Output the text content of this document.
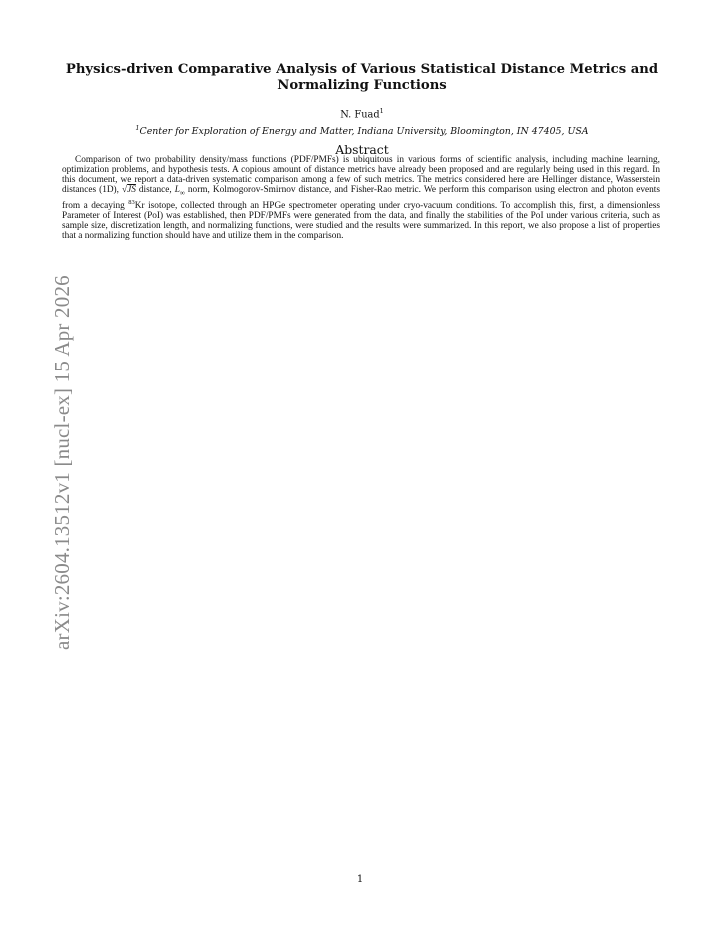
arXiv:2604.13512v1 [nucl-ex] 15 Apr 2026
Physics-driven Comparative Analysis of Various Statistical Distance Metrics and Normalizing Functions
N. Fuad$^1$
$^1$Center for Exploration of Energy and Matter, Indiana University, Bloomington, IN 47405, USA
Abstract
Comparison of two probability density/mass functions (PDF/PMFs) is ubiquitous in various forms of scientific analysis, including machine learning, optimization problems, and hypothesis tests. A copious amount of distance metrics have already been proposed and are regularly being used in this regard. In this document, we report a data-driven systematic comparison among a few of such metrics. The metrics considered here are Hellinger distance, Wasserstein distances (1D), √JS distance, $L_\infty$ norm, Kolmogorov-Smirnov distance, and Fisher-Rao metric. We perform this comparison using electron and photon events from a decaying $^{83}$Kr isotope, collected through an HPGe spectrometer operating under cryo-vacuum conditions. To accomplish this, first, a dimensionless Parameter of Interest (PoI) was established, then PDF/PMFs were generated from the data, and finally the stabilities of the PoI under various criteria, such as sample size, discretization length, and normalizing functions, were studied and the results were summarized. In this report, we also propose a list of properties that a normalizing function should have and utilize them in the comparison.
1
